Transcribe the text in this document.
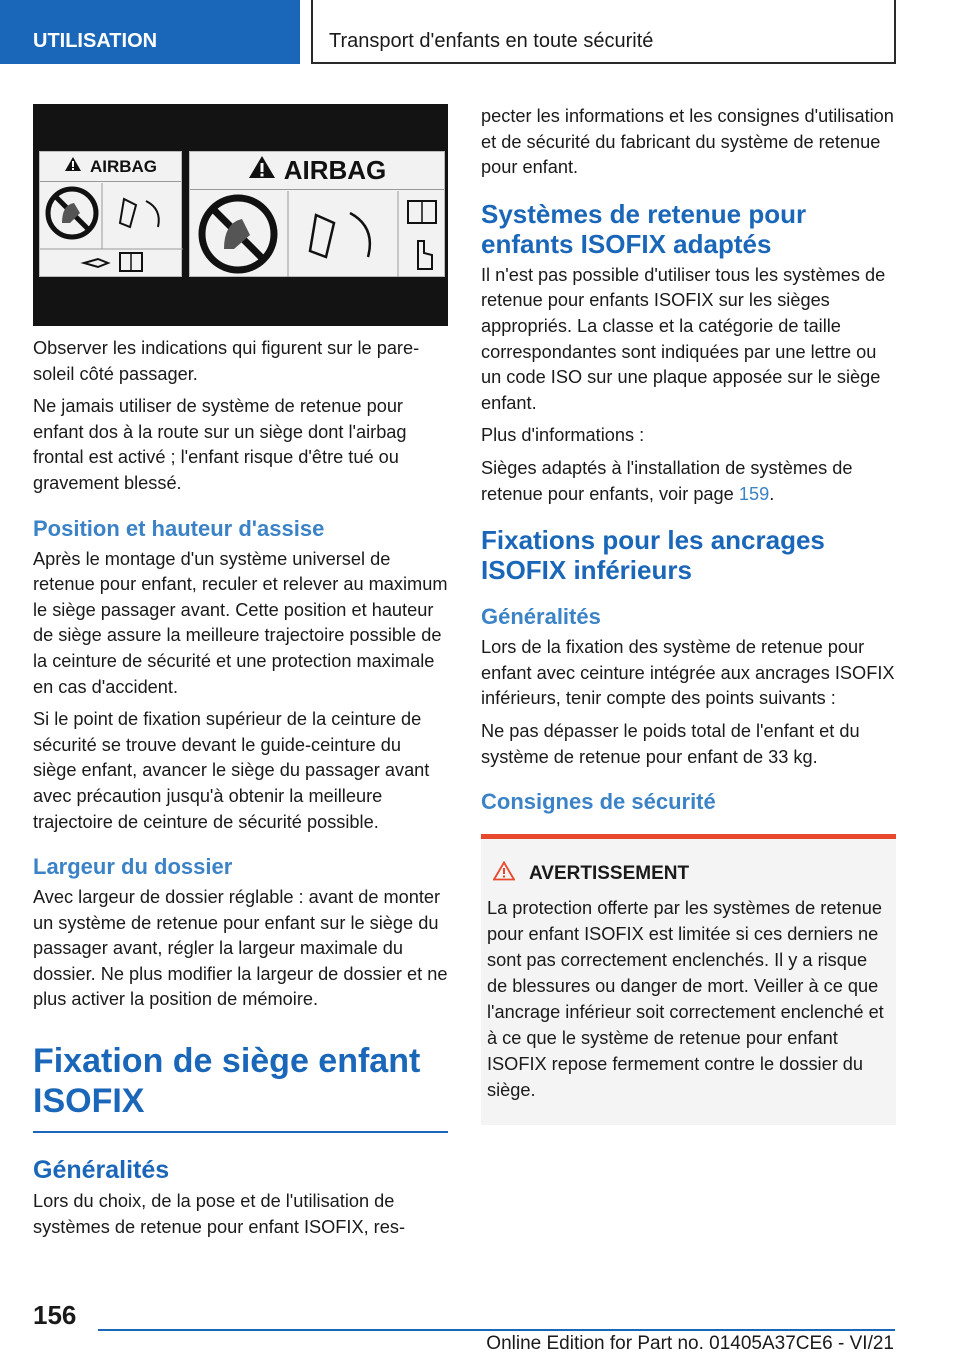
UTILISATION	Transport d'enfants en toute sécurité
AIRBAG	AIRBAG

Observer les indications qui figurent sur le pare-soleil côté passager.

Ne jamais utiliser de système de retenue pour enfant dos à la route sur un siège dont l'airbag frontal est activé ; l'enfant risque d'être tué ou gravement blessé.

Position et hauteur d'assise

Après le montage d'un système universel de retenue pour enfant, reculer et relever au maximum le siège passager avant. Cette position et hauteur de siège assure la meilleure trajectoire possible de la ceinture de sécurité et une protection maximale en cas d'accident.

Si le point de fixation supérieur de la ceinture de sécurité se trouve devant le guide-ceinture du siège enfant, avancer le siège du passager avant avec précaution jusqu'à obtenir la meilleure trajectoire de ceinture de sécurité possible.

Largeur du dossier

Avec largeur de dossier réglable : avant de monter un système de retenue pour enfant sur le siège du passager avant, régler la largeur maximale du dossier. Ne plus modifier la largeur de dossier et ne plus activer la position de mémoire.

Fixation de siège enfant ISOFIX
Généralités

Lors du choix, de la pose et de l'utilisation de systèmes de retenue pour enfant ISOFIX, res-

pecter les informations et les consignes d'utilisation et de sécurité du fabricant du système de retenue pour enfant.

Systèmes de retenue pour enfants ISOFIX adaptés

Il n'est pas possible d'utiliser tous les systèmes de retenue pour enfants ISOFIX sur les sièges appropriés. La classe et la catégorie de taille correspondantes sont indiquées par une lettre ou un code ISO sur une plaque apposée sur le siège enfant.

Plus d'informations :

Sièges adaptés à l'installation de systèmes de retenue pour enfants, voir page 159.

Fixations pour les ancrages ISOFIX inférieurs
Généralités

Lors de la fixation des système de retenue pour enfant avec ceinture intégrée aux ancrages ISOFIX inférieurs, tenir compte des points suivants :

Ne pas dépasser le poids total de l'enfant et du système de retenue pour enfant de 33 kg.

Consignes de sécurité
AVERTISSEMENT

La protection offerte par les systèmes de retenue pour enfant ISOFIX est limitée si ces derniers ne sont pas correctement enclenchés. Il y a risque de blessures ou danger de mort. Veiller à ce que l'ancrage inférieur soit correctement enclenché et à ce que le système de retenue pour enfant ISOFIX repose fermement contre le dossier du siège.

156
Online Edition for Part no. 01405A37CE6 - VI/21
